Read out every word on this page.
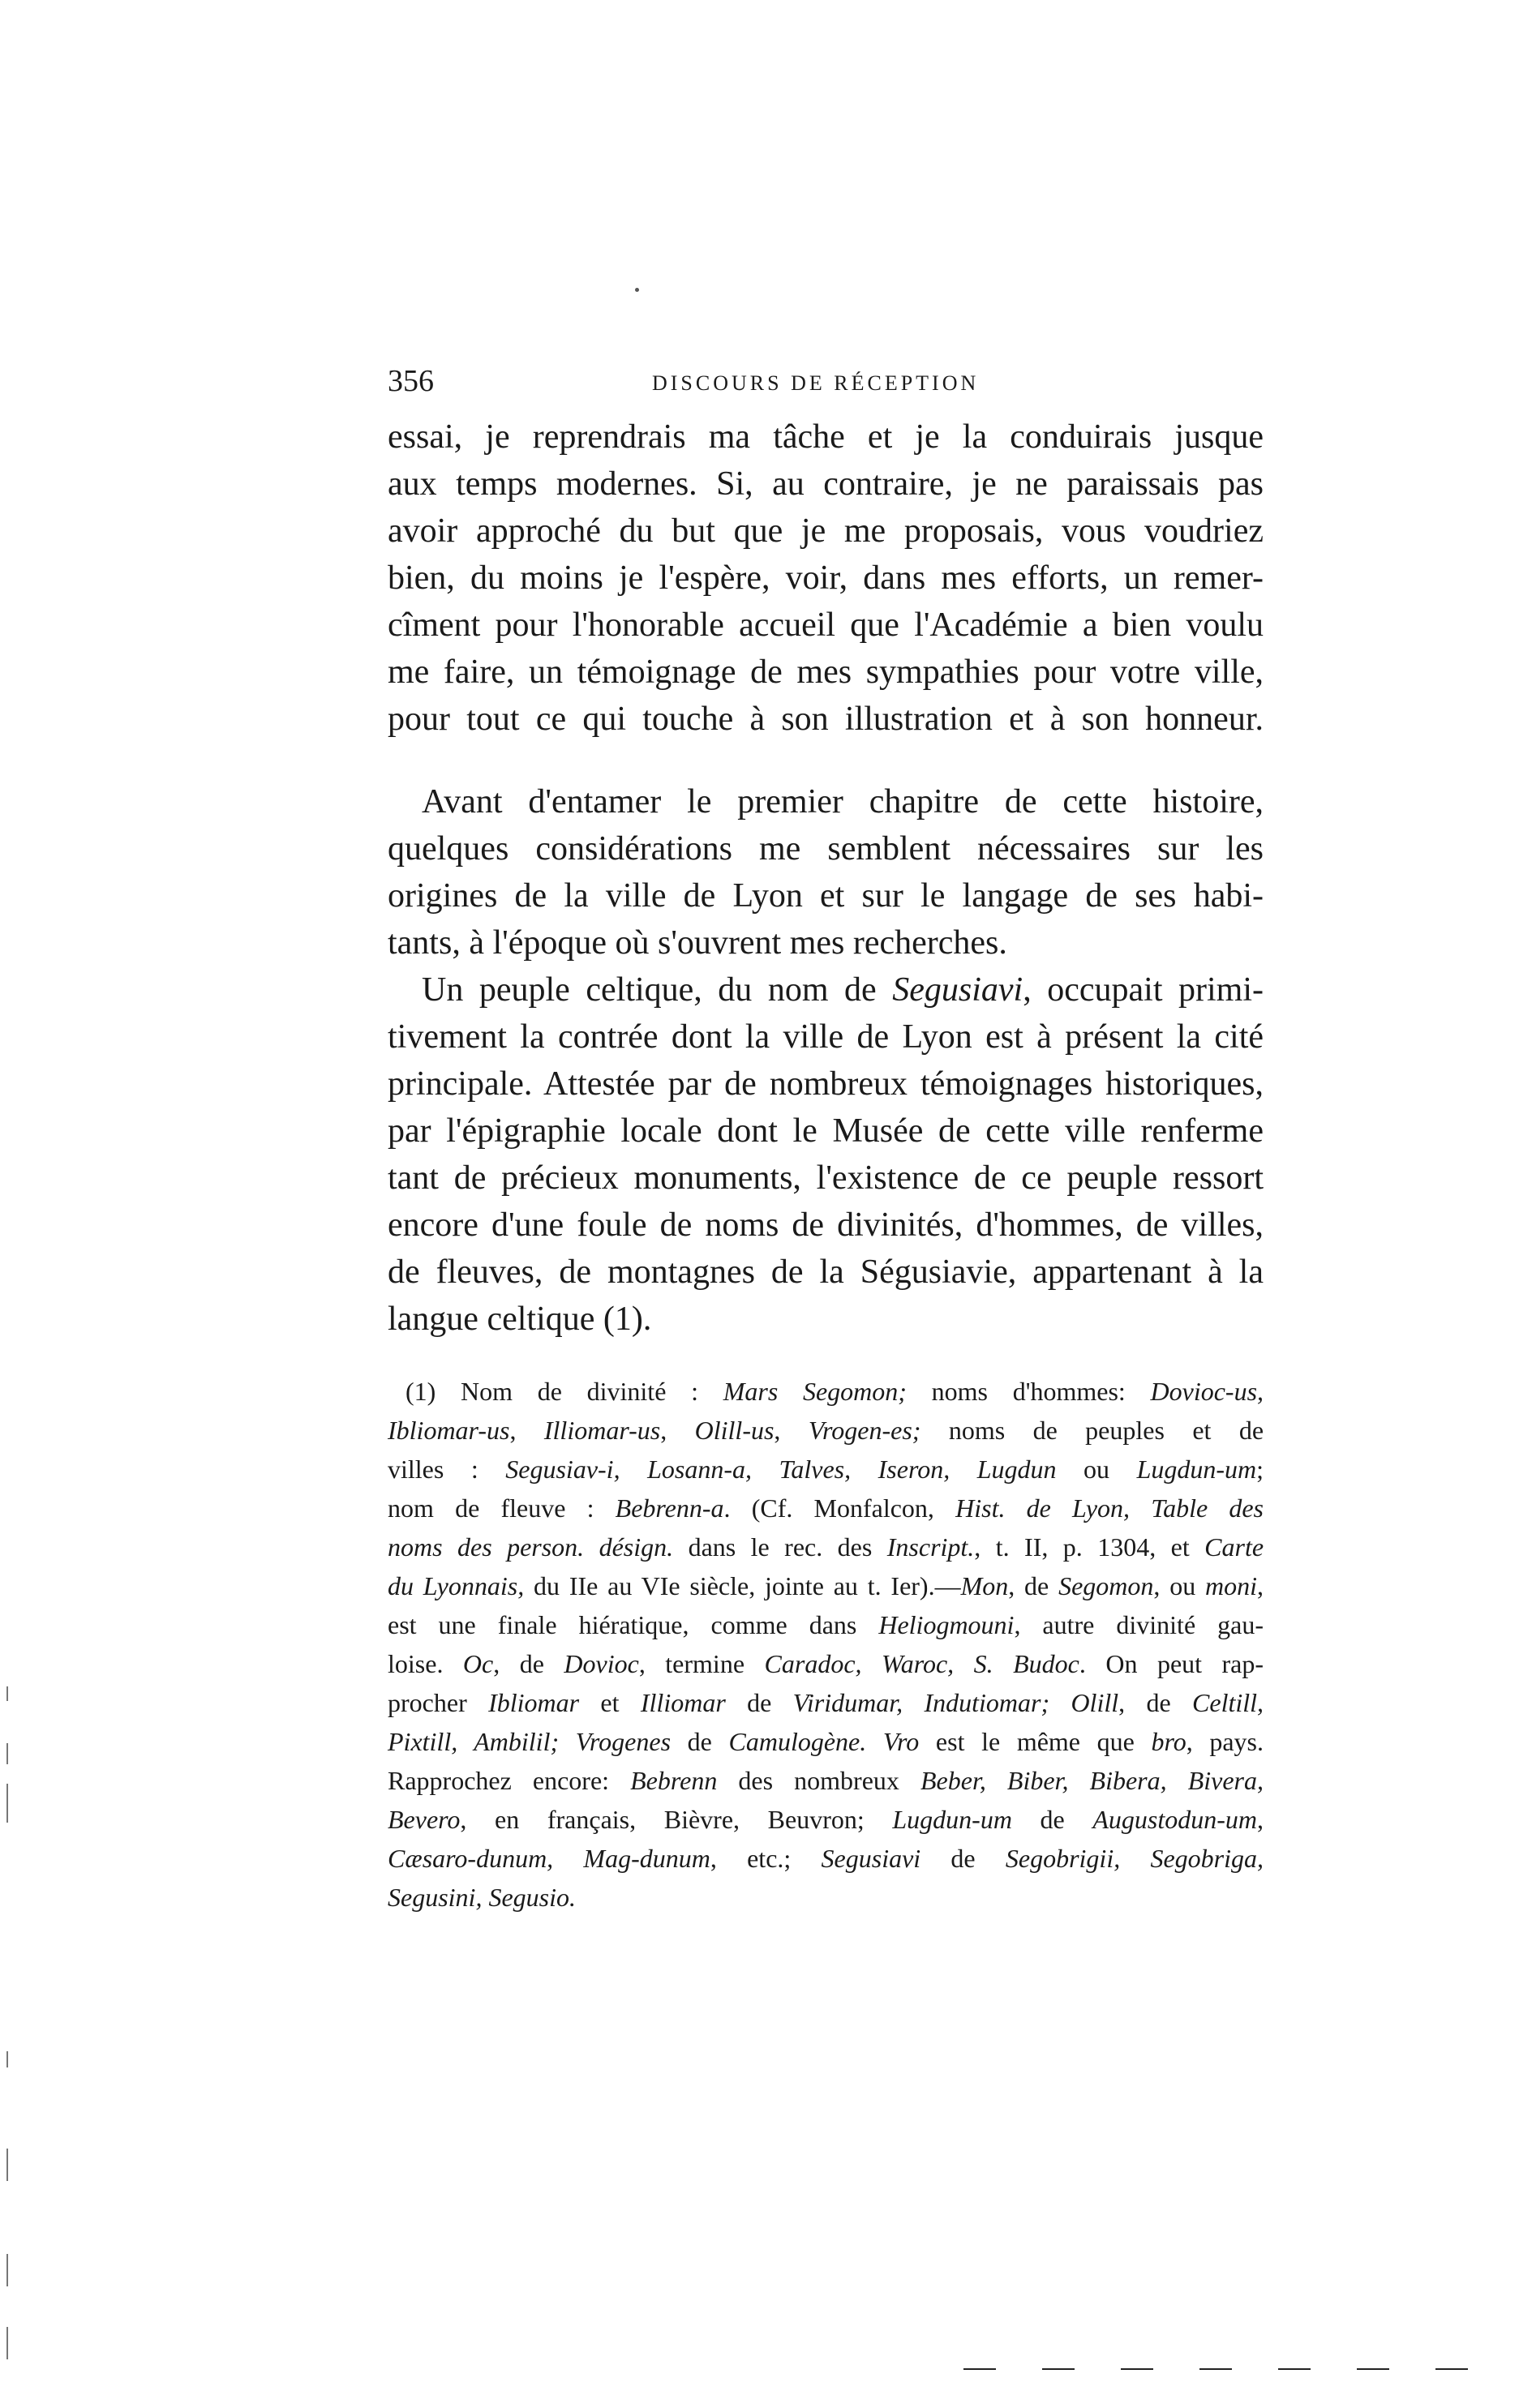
356	DISCOURS DE RÉCEPTION
essai, je reprendrais ma tâche et je la conduirais jusque
aux temps modernes. Si, au contraire, je ne paraissais pas
avoir approché du but que je me proposais, vous voudriez
bien, du moins je l'espère, voir, dans mes efforts, un remer-
cîment pour l'honorable accueil que l'Académie a bien voulu
me faire, un témoignage de mes sympathies pour votre ville,
pour tout ce qui touche à son illustration et à son honneur.
Avant d'entamer le premier chapitre de cette histoire,
quelques considérations me semblent nécessaires sur les
origines de la ville de Lyon et sur le langage de ses habi-
tants, à l'époque où s'ouvrent mes recherches.
Un peuple celtique, du nom de Segusiavi, occupait primi-
tivement la contrée dont la ville de Lyon est à présent la cité
principale. Attestée par de nombreux témoignages historiques,
par l'épigraphie locale dont le Musée de cette ville renferme
tant de précieux monuments, l'existence de ce peuple ressort
encore d'une foule de noms de divinités, d'hommes, de villes,
de fleuves, de montagnes de la Ségusiavie, appartenant à la
langue celtique (1).
(1) Nom de divinité : Mars Segomon; noms d'hommes: Dovioc-us,
Ibliomar-us, Illiomar-us, Olill-us, Vrogen-es; noms de peuples et de
villes : Segusiav-i, Losann-a, Talves, Iseron, Lugdun ou Lugdun-um;
nom de fleuve : Bebrenn-a. (Cf. Monfalcon, Hist. de Lyon, Table des
noms des person. désign. dans le rec. des Inscript., t. II, p. 1304, et Carte
du Lyonnais, du IIe au VIe siècle, jointe au t. Ier).—Mon, de Segomon, ou moni,
est une finale hiératique, comme dans Heliogmouni, autre divinité gau-
loise. Oc, de Dovioc, termine Caradoc, Waroc, S. Budoc. On peut rap-
procher Ibliomar et Illiomar de Viridumar, Indutiomar; Olill, de Celtill,
Pixtill, Ambilil; Vrogenes de Camulogène. Vro est le même que bro, pays.
Rapprochez encore: Bebrenn des nombreux Beber, Biber, Bibera, Bivera,
Bevero, en français, Bièvre, Beuvron; Lugdun-um de Augustodun-um,
Cæsaro-dunum, Mag-dunum, etc.; Segusiavi de Segobrigii, Segobriga,
Segusini, Segusio.
